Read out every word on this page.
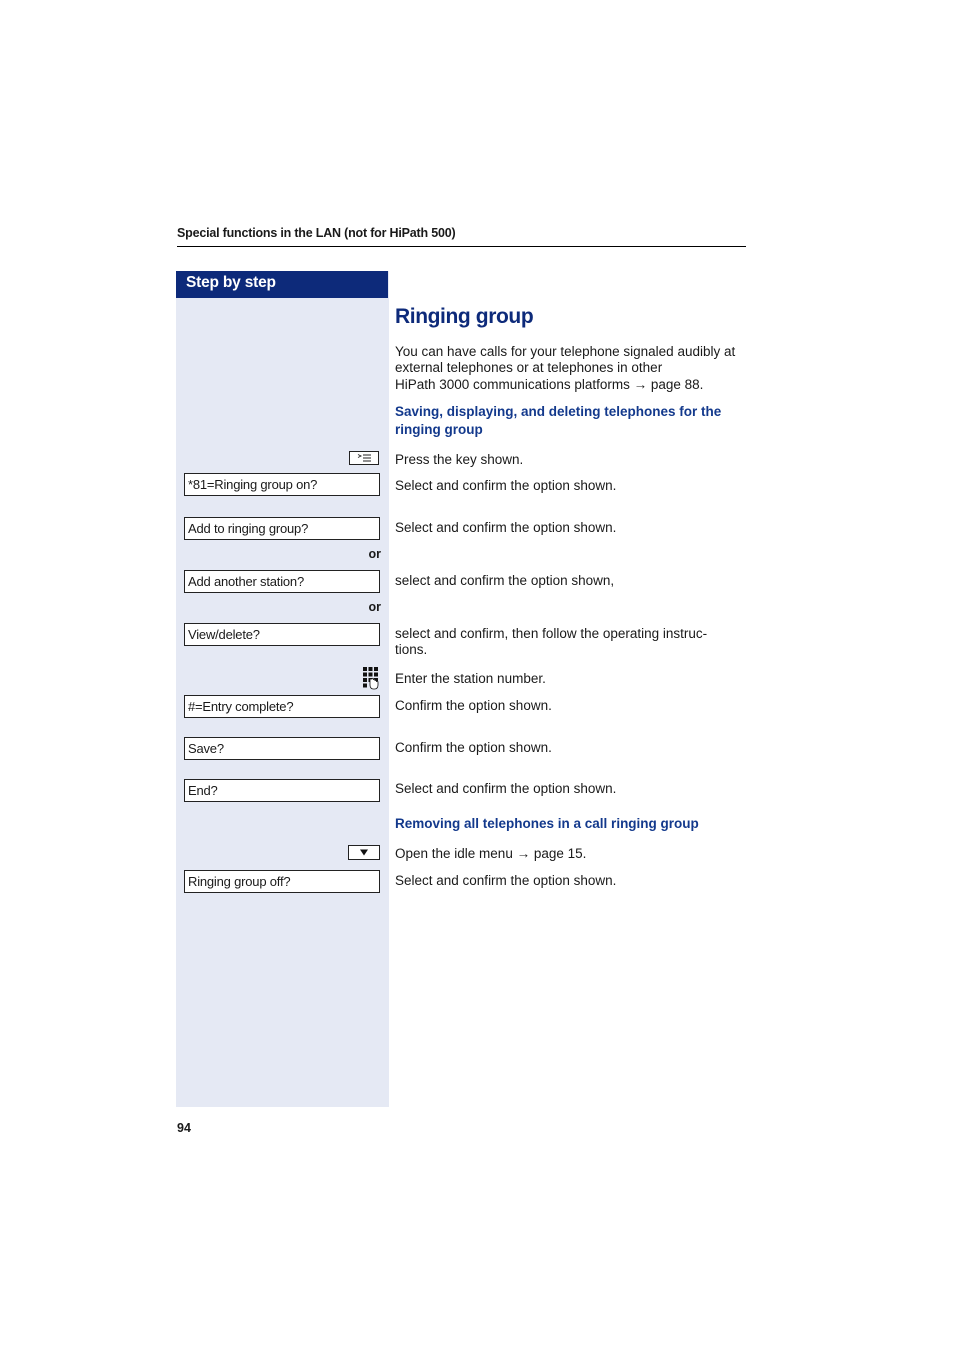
Special functions in the LAN (not for HiPath 500)
Step by step
Ringing group
You can have calls for your telephone signaled audibly at
external telephones or at telephones in other
HiPath 3000 communications platforms → page 88.
Saving, displaying, and deleting telephones for the
ringing group
Press the key shown.
*81=Ringing group on?	Select and confirm the option shown.
Add to ringing group?	Select and confirm the option shown.
or
Add another station?	select and confirm the option shown,
or
View/delete?	select and confirm, then follow the operating instruc-
tions.
Enter the station number.
#=Entry complete?	Confirm the option shown.
Save?	Confirm the option shown.
End?	Select and confirm the option shown.
Removing all telephones in a call ringing group
Open the idle menu → page 15.
Ringing group off?	Select and confirm the option shown.
94
